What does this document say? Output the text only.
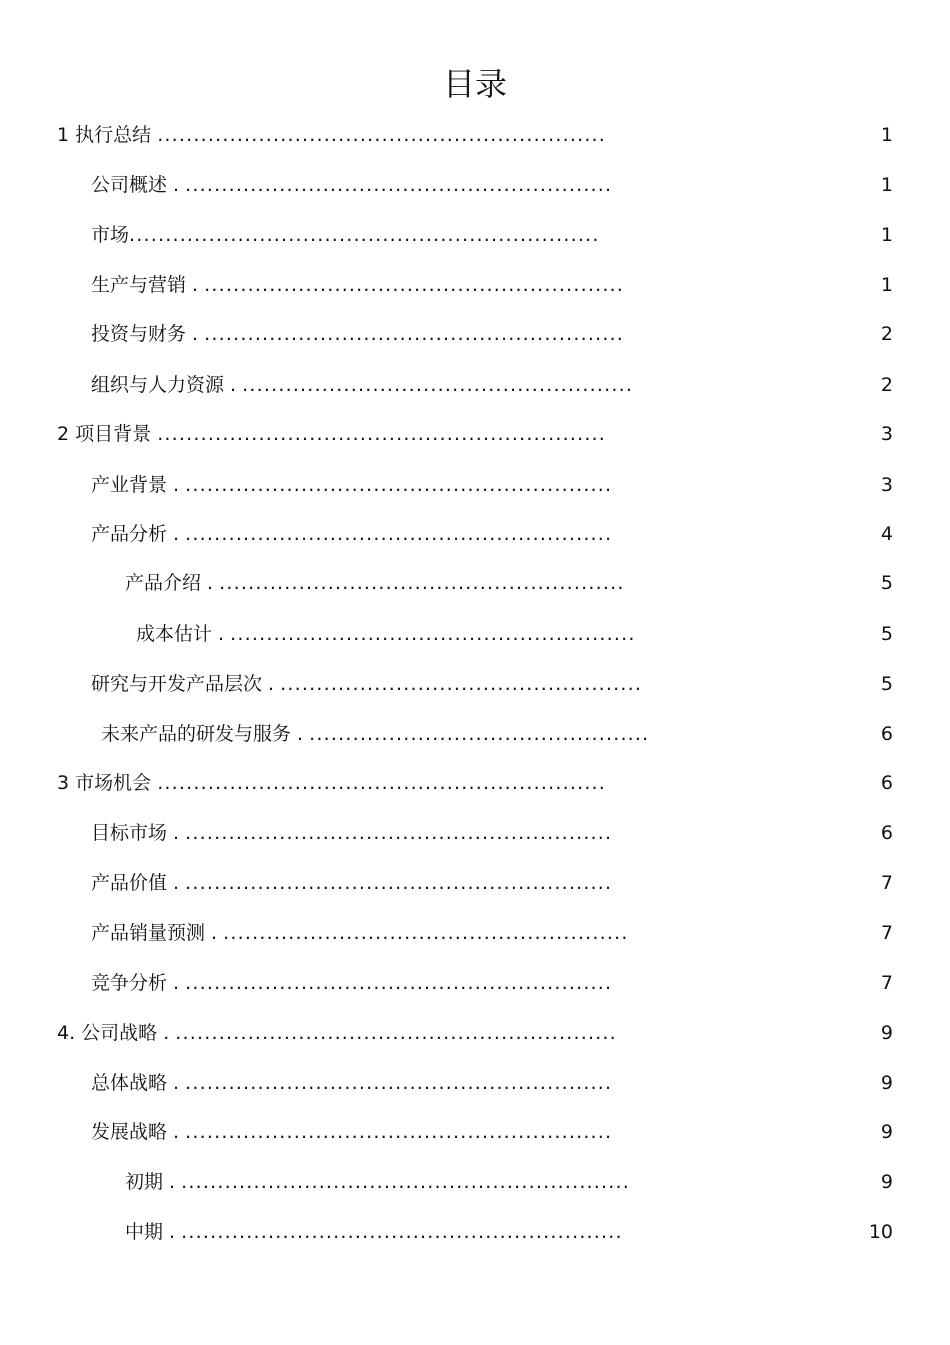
目录
1 执行总结 ..............................................................	1
公司概述 . ...........................................................	1
市场.................................................................	1
生产与营销 . ..........................................................	1
投资与财务 . ..........................................................	2
组织与人力资源 . ......................................................	2
2 项目背景 ..............................................................	3
产业背景 . ...........................................................	3
产品分析 . ...........................................................	4
产品介绍 . ........................................................	5
成本估计 . ........................................................	5
研究与开发产品层次 . ..................................................	5
未来产品的研发与服务 . ...............................................	6
3 市场机会 ..............................................................	6
目标市场 . ...........................................................	6
产品价值 . ...........................................................	7
产品销量预测 . ........................................................	7
竞争分析 . ...........................................................	7
4. 公司战略 . .............................................................	9
总体战略 . ...........................................................	9
发展战略 . ...........................................................	9
初期 . ..............................................................	9
中期 . .............................................................	10
